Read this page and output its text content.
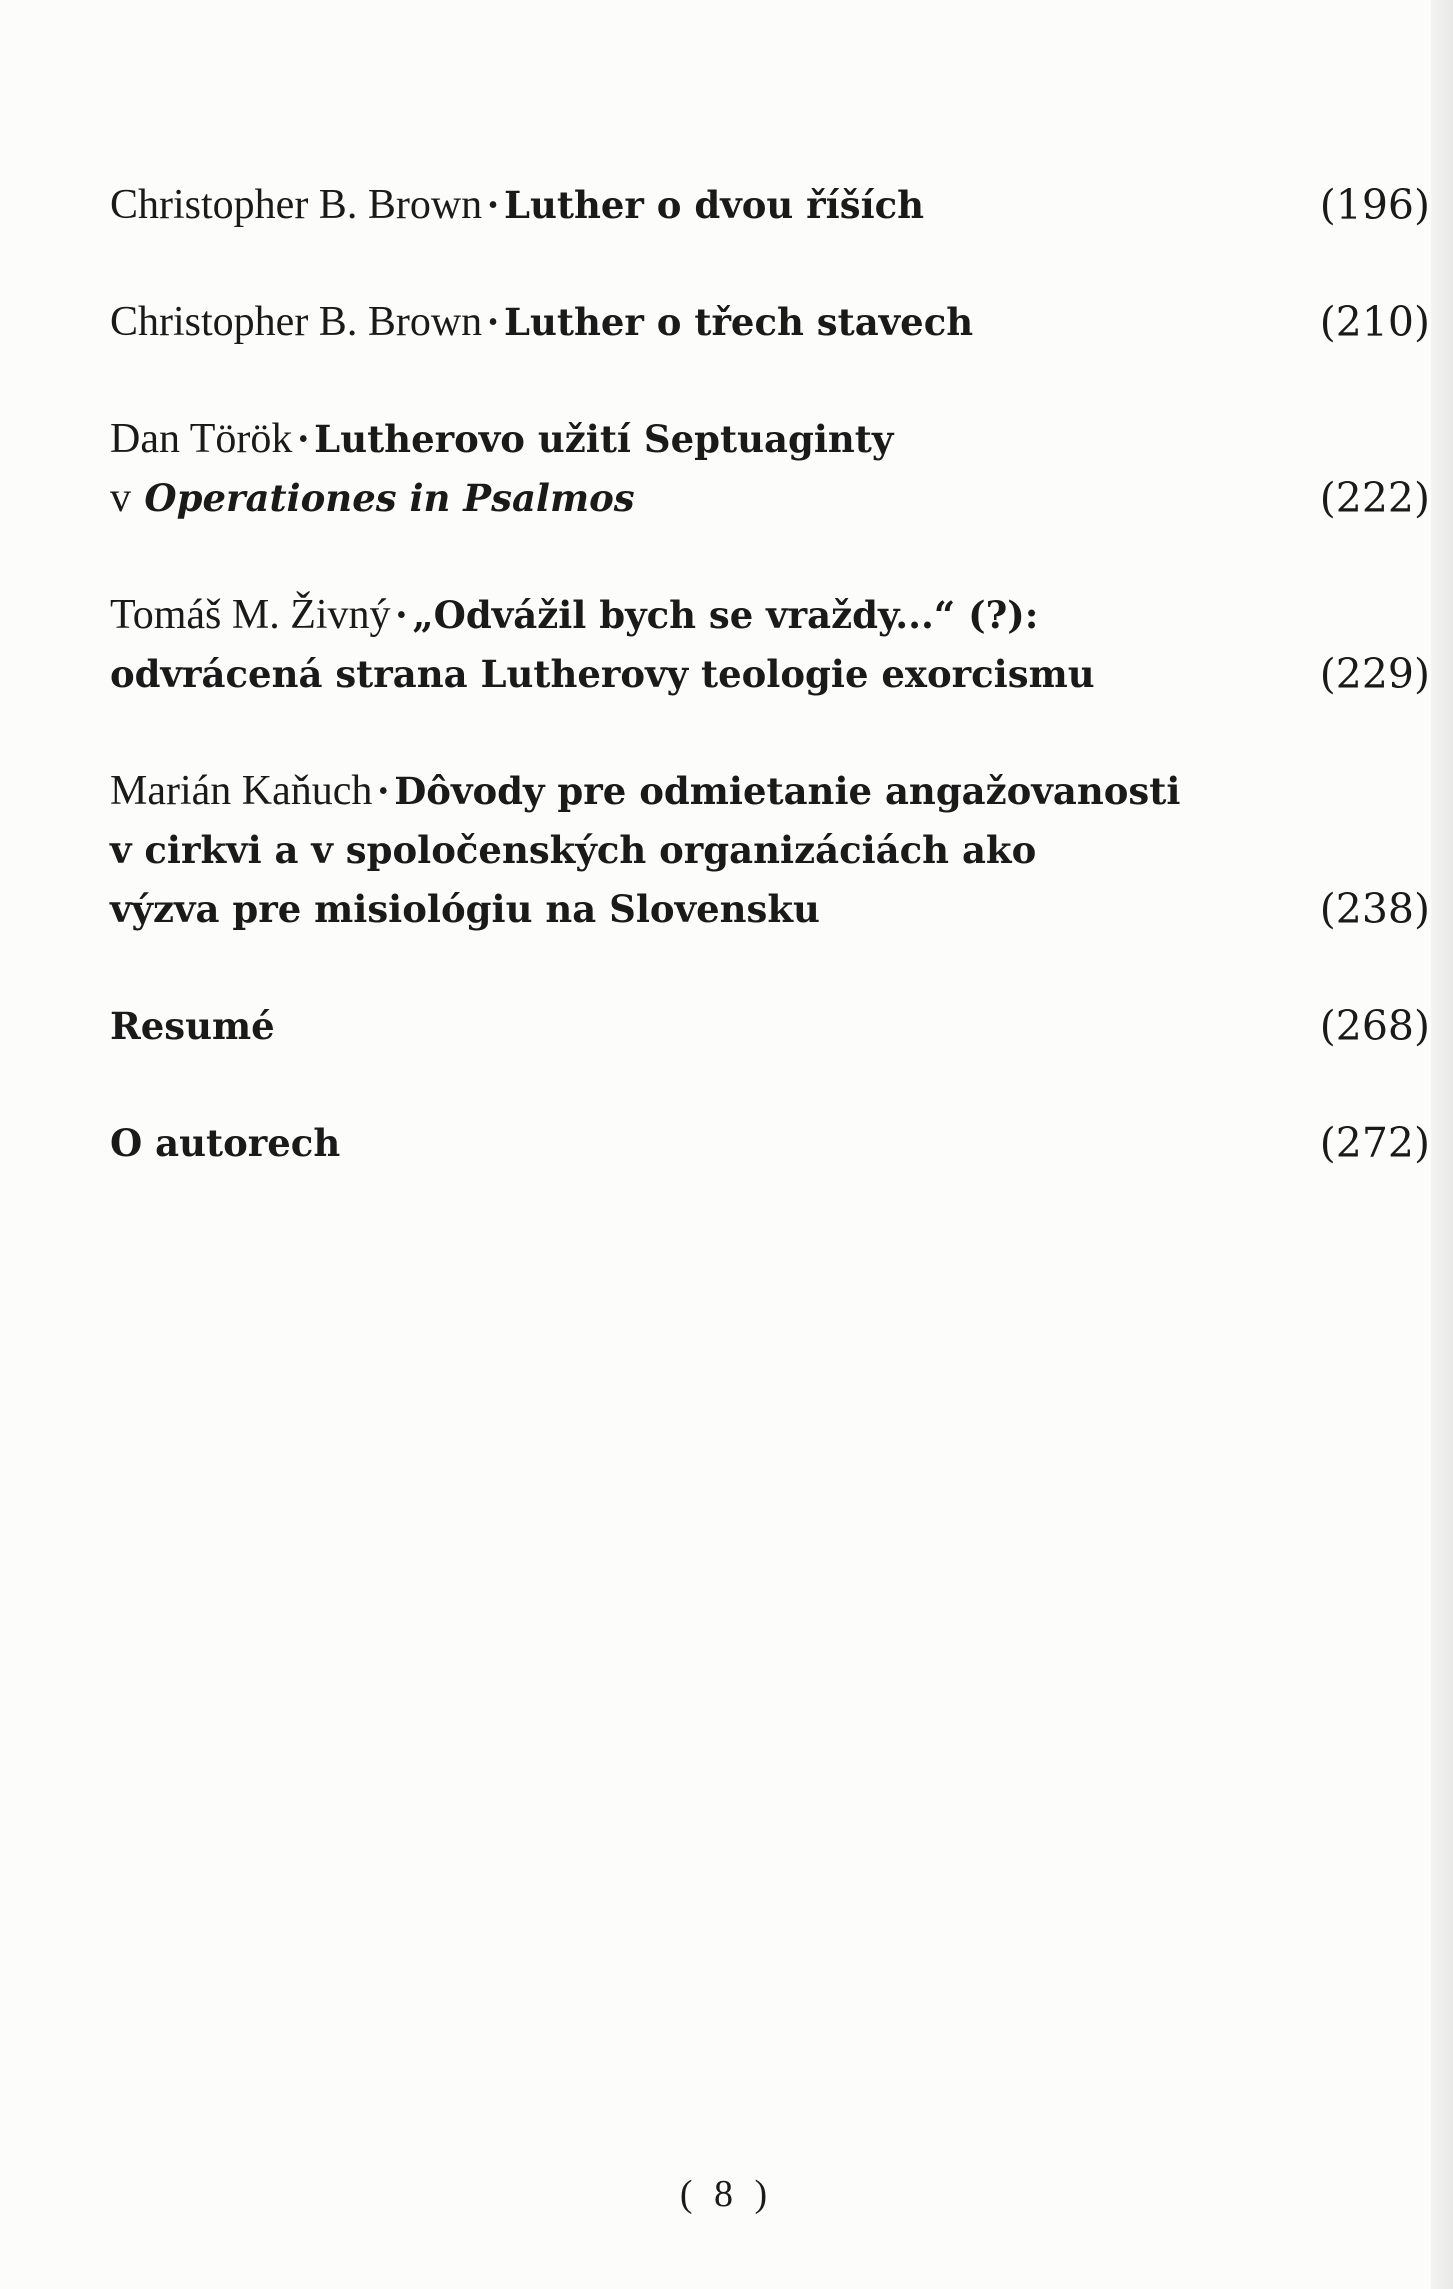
Christopher B. Brown • Luther o dvou říších	(196)
Christopher B. Brown • Luther o třech stavech	(210)
Dan Török • Lutherovo užití Septuaginty
v Operationes in Psalmos	(222)
Tomáš M. Živný • „Odvážil bych se vraždy...“ (?):
odvrácená strana Lutherovy teologie exorcismu	(229)
Marián Kaňuch • Dôvody pre odmietanie angažovanosti
v cirkvi a v spoločenských organizáciách ako
výzva pre misiológiu na Slovensku	(238)
Resumé	(268)
O autorech	(272)
( 8 )
